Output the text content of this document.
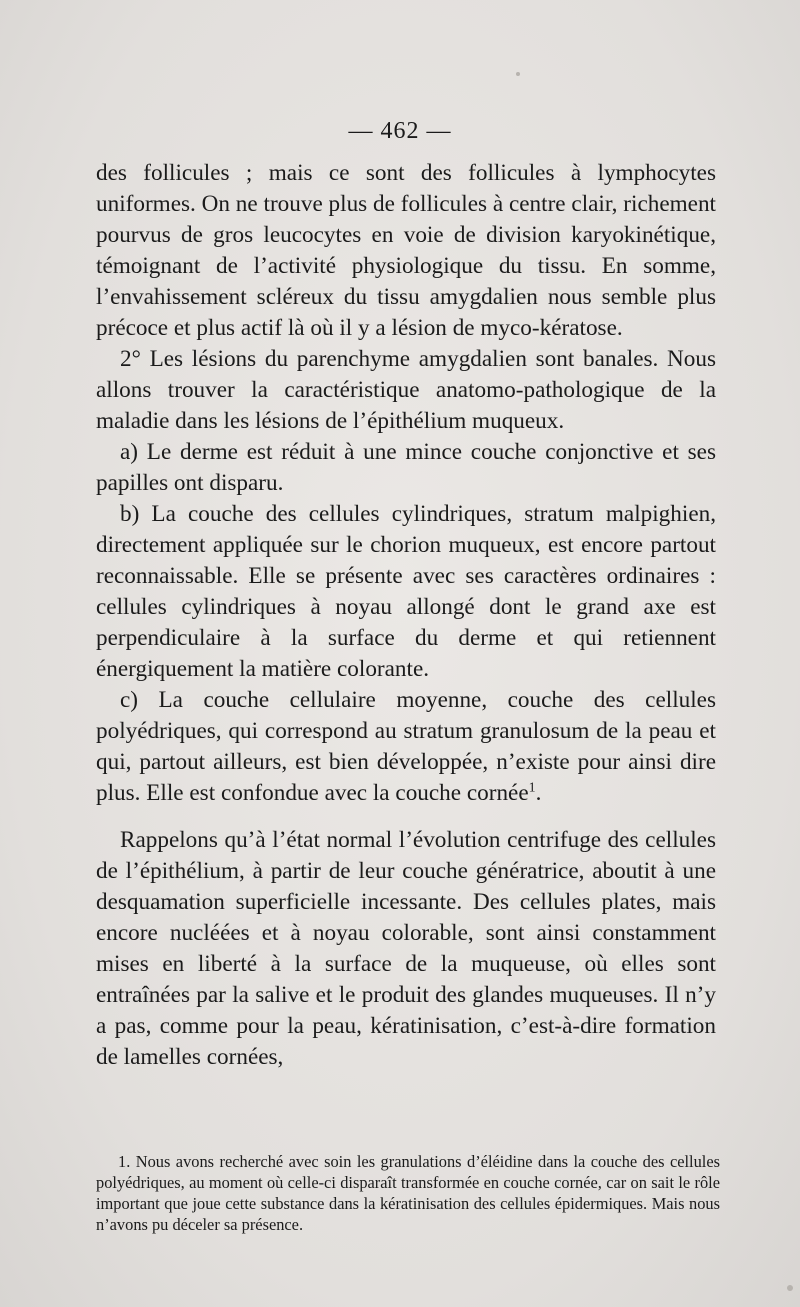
— 462 —

des follicules ; mais ce sont des follicules à lymphocytes uniformes. On ne trouve plus de follicules à centre clair, richement pourvus de gros leucocytes en voie de division karyokinétique, témoignant de l’activité physiologique du tissu. En somme, l’envahissement scléreux du tissu amygdalien nous semble plus précoce et plus actif là où il y a lésion de myco-kératose.

2° Les lésions du parenchyme amygdalien sont banales. Nous allons trouver la caractéristique anatomo-pathologique de la maladie dans les lésions de l’épithélium muqueux.

a) Le derme est réduit à une mince couche conjonctive et ses papilles ont disparu.

b) La couche des cellules cylindriques, stratum malpighien, directement appliquée sur le chorion muqueux, est encore partout reconnaissable. Elle se présente avec ses caractères ordinaires : cellules cylindriques à noyau allongé dont le grand axe est perpendiculaire à la surface du derme et qui retiennent énergiquement la matière colorante.

c) La couche cellulaire moyenne, couche des cellules polyédriques, qui correspond au stratum granulosum de la peau et qui, partout ailleurs, est bien développée, n’existe pour ainsi dire plus. Elle est confondue avec la couche cornée$^1$.

Rappelons qu’à l’état normal l’évolution centrifuge des cellules de l’épithélium, à partir de leur couche génératrice, aboutit à une desquamation superficielle incessante. Des cellules plates, mais encore nucléées et à noyau colorable, sont ainsi constamment mises en liberté à la surface de la muqueuse, où elles sont entraînées par la salive et le produit des glandes muqueuses. Il n’y a pas, comme pour la peau, kératinisation, c’est-à-dire formation de lamelles cornées,

1. Nous avons recherché avec soin les granulations d’éléidine dans la couche des cellules polyédriques, au moment où celle-ci disparaît transformée en couche cornée, car on sait le rôle important que joue cette substance dans la kératinisation des cellules épidermiques. Mais nous n’avons pu déceler sa présence.
